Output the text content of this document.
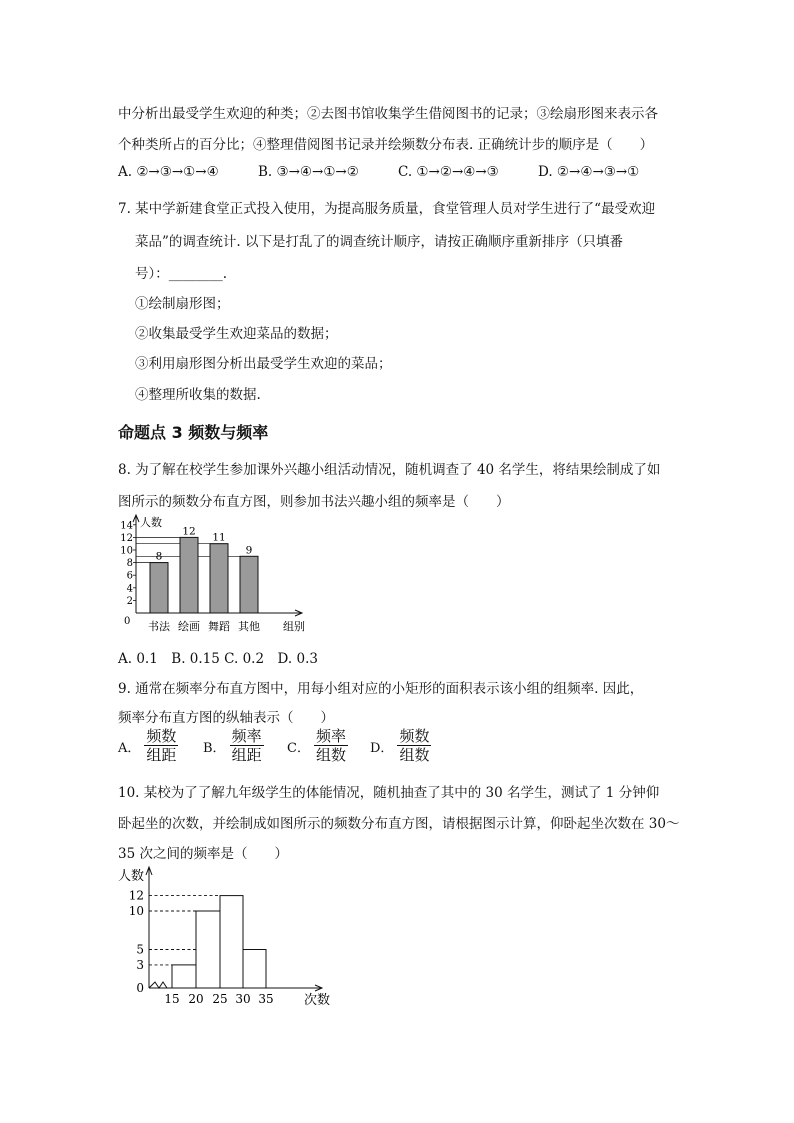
中分析出最受学生欢迎的种类；②去图书馆收集学生借阅图书的记录；③绘扇形图来表示各
个种类所占的百分比；④整理借阅图书记录并绘频数分布表. 正确统计步的顺序是（　　）
A. ②→③→①→④	B. ③→④→①→②	C. ①→②→④→③	D. ②→④→③→①
7. 某中学新建食堂正式投入使用，为提高服务质量，食堂管理人员对学生进行了“最受欢迎
菜品”的调查统计. 以下是打乱了的调查统计顺序，请按正确顺序重新排序（只填番
号）：________.
①绘制扇形图；
②收集最受学生欢迎菜品的数据；
③利用扇形图分析出最受学生欢迎的菜品；
④整理所收集的数据.
命题点 3 频数与频率
8. 为了解在校学生参加课外兴趣小组活动情况，随机调查了 40 名学生，将结果绘制成了如
图所示的频数分布直方图，则参加书法兴趣小组的频率是（　　）
人数
组别
0
2
4
6
8
10
12
14
8
书法
12
绘画
11
舞蹈
9
其他
A. 0.1　B. 0.15 C. 0.2　D. 0.3
9. 通常在频率分布直方图中，用每小组对应的小矩形的面积表示该小组的组频率. 因此，
频率分布直方图的纵轴表示（　　）
A． $\frac{\text{频数}}{\text{组距}}$ B． $\frac{\text{频率}}{\text{组距}}$ C． $\frac{\text{频率}}{\text{组数}}$ D． $\frac{\text{频数}}{\text{组数}}$
10. 某校为了了解九年级学生的体能情况，随机抽查了其中的 30 名学生，测试了 1 分钟仰
卧起坐的次数，并绘制成如图所示的频数分布直方图，请根据图示计算，仰卧起坐次数在 30～
35 次之间的频率是（　　）
人数
次数
0
3
5
10
12
15 20 25 30 35
